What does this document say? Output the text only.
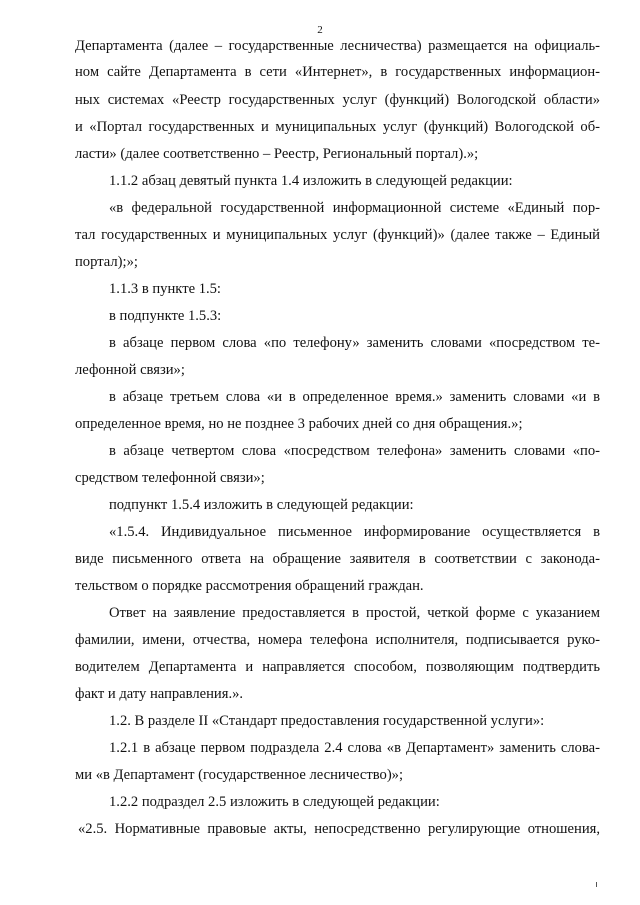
2
Департамента (далее – государственные лесничества) размещается на официаль-
ном сайте Департамента в сети «Интернет», в государственных информацион-
ных системах «Реестр государственных услуг (функций) Вологодской области»
и «Портал государственных и муниципальных услуг (функций) Вологодской об-
ласти» (далее соответственно – Реестр, Региональный портал).»;
1.1.2 абзац девятый пункта 1.4 изложить в следующей редакции:
«в федеральной государственной информационной системе «Единый пор-
тал государственных и муниципальных услуг (функций)» (далее также – Единый
портал);»;
1.1.3 в пункте 1.5:
в подпункте 1.5.3:
в абзаце первом слова «по телефону» заменить словами «посредством те-
лефонной связи»;
в абзаце третьем слова «и в определенное время.» заменить словами «и в
определенное время, но не позднее 3 рабочих дней со дня обращения.»;
в абзаце четвертом слова «посредством телефона» заменить словами «по-
средством телефонной связи»;
подпункт 1.5.4 изложить в следующей редакции:
«1.5.4. Индивидуальное письменное информирование осуществляется в
виде письменного ответа на обращение заявителя в соответствии с законода-
тельством о порядке рассмотрения обращений граждан.
Ответ на заявление предоставляется в простой, четкой форме с указанием
фамилии, имени, отчества, номера телефона исполнителя, подписывается руко-
водителем Департамента и направляется способом, позволяющим подтвердить
факт и дату направления.».
1.2. В разделе II «Стандарт предоставления государственной услуги»:
1.2.1 в абзаце первом подраздела 2.4 слова «в Департамент» заменить слова-
ми «в Департамент (государственное лесничество)»;
1.2.2 подраздел 2.5 изложить в следующей редакции:
«2.5. Нормативные правовые акты, непосредственно регулирующие отношения,
